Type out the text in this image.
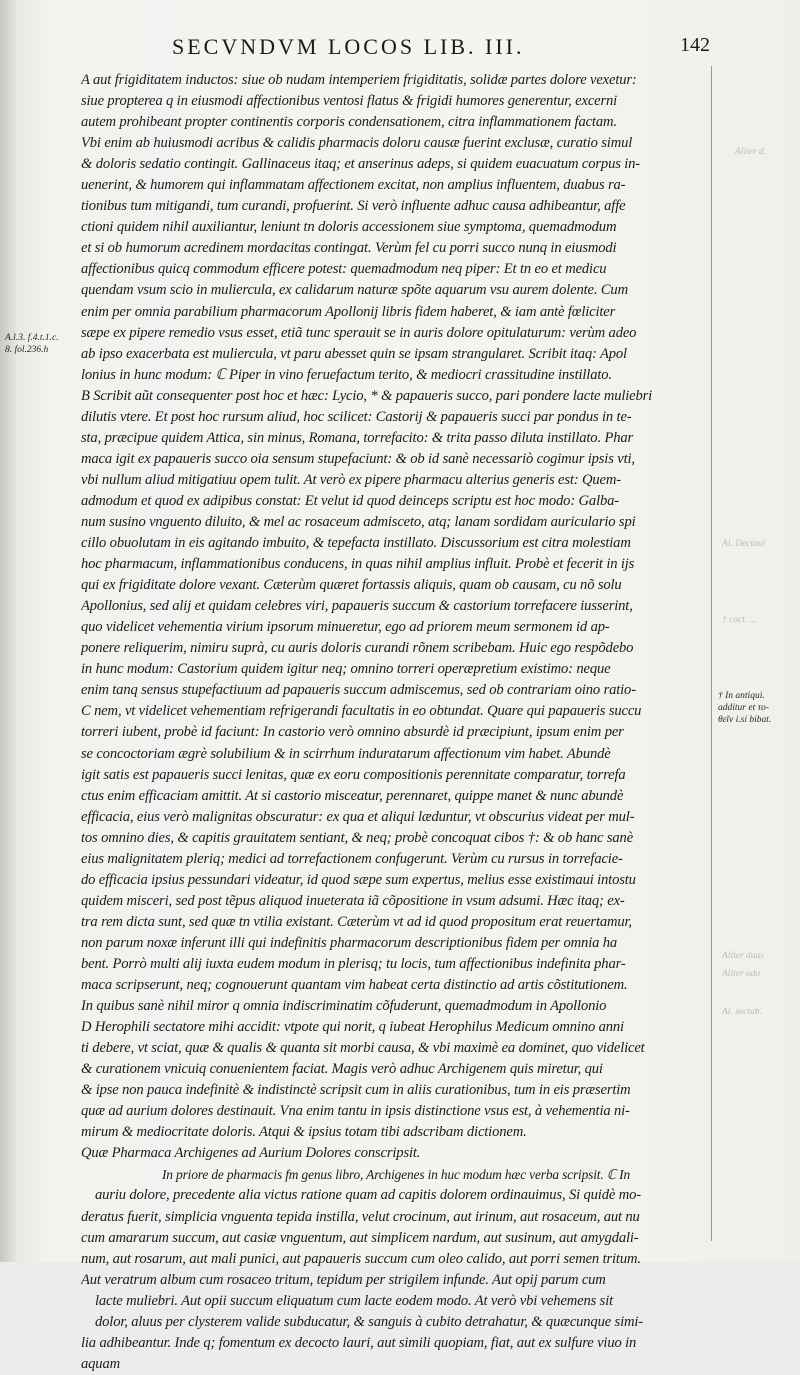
SECVNDVM LOCOS LIB. III.	142
A aut frigiditatem inductos: siue ob nudam intemperiem frigiditatis, solidæ partes dolore vexetur:
siue propterea q in eiusmodi affectionibus ventosi flatus & frigidi humores generentur, excerni
autem prohibeant propter continentis corporis condensationem, citra inflammationem factam.
Vbi enim ab huiusmodi acribus & calidis pharmacis doloru causæ fuerint exclusæ, curatio simul
& doloris sedatio contingit. Gallinaceus itaq; et anserinus adeps, si quidem euacuatum corpus in-
uenerint, & humorem qui inflammatam affectionem excitat, non amplius influentem, duabus ra-
tionibus tum mitigandi, tum curandi, profuerint. Si verò influente adhuc causa adhibeantur, affe
ctioni quidem nihil auxiliantur, leniunt tn doloris accessionem siue symptoma, quemadmodum
et si ob humorum acredinem mordacitas contingat. Verùm fel cu porri succo nunq in eiusmodi
affectionibus quicq commodum efficere potest: quemadmodum neq piper: Et tn eo et medicu
quendam vsum scio in muliercula, ex calidarum naturæ spõte aquarum vsu aurem dolente. Cum
enim per omnia parabilium pharmacorum Apollonij libris fidem haberet, & iam antè fœliciter
sæpe ex pipere remedio vsus esset, etiã tunc sperauit se in auris dolore opitulaturum: verùm adeo
ab ipso exacerbata est muliercula, vt paru abesset quin se ipsam strangularet. Scribit itaq: Apol
lonius in hunc modum: ℂ Piper in vino feruefactum terito, & mediocri crassitudine instillato.
B Scribit aũt consequenter post hoc et hæc: Lycio, * & papaueris succo, pari pondere lacte muliebri
dilutis vtere. Et post hoc rursum aliud, hoc scilicet: Castorij & papaueris succi par pondus in te-
sta, præcipue quidem Attica, sin minus, Romana, torrefacito: & trita passo diluta instillato. Phar
maca igit ex papaueris succo oia sensum stupefaciunt: & ob id sanè necessariò cogimur ipsis vti,
vbi nullum aliud mitigatiuu opem tulit. At verò ex pipere pharmacu alterius generis est: Quem-
admodum et quod ex adipibus constat: Et velut id quod deinceps scriptu est hoc modo: Galba-
num susino vnguento diluito, & mel ac rosaceum admisceto, atq; lanam sordidam auriculario spi
cillo obuolutam in eis agitando imbuito, & tepefacta instillato. Discussorium est citra molestiam
hoc pharmacum, inflammationibus conducens, in quas nihil amplius influit. Probè et fecerit in ijs
qui ex frigiditate dolore vexant. Cæterùm quæret fortassis aliquis, quam ob causam, cu nõ solu
Apollonius, sed alij et quidam celebres viri, papaueris succum & castorium torrefacere iusserint,
quo videlicet vehementia virium ipsorum minueretur, ego ad priorem meum sermonem id ap-
ponere reliquerim, nimiru suprà, cu auris doloris curandi rõnem scribebam. Huic ego respõdebo
in hunc modum: Castorium quidem igitur neq; omnino torreri operæpretium existimo: neque
enim tanq sensus stupefactiuum ad papaueris succum admiscemus, sed ob contrariam oino ratio-
C nem, vt videlicet vehementiam refrigerandi facultatis in eo obtundat. Quare qui papaueris succu
torreri iubent, probè id faciunt: In castorio verò omnino absurdè id præcipiunt, ipsum enim per
se concoctoriam ægrè solubilium & in scirrhum induratarum affectionum vim habet. Abundè
igit satis est papaueris succi lenitas, quæ ex eoru compositionis perennitate comparatur, torrefa
ctus enim efficaciam amittit. At si castorio misceatur, perennaret, quippe manet & nunc abundè
efficacia, eius verò malignitas obscuratur: ex qua et aliqui læduntur, vt obscurius videat per mul-
tos omnino dies, & capitis grauitatem sentiant, & neq; probè concoquat cibos †: & ob hanc sanè
eius malignitatem pleriq; medici ad torrefactionem confugerunt. Verùm cu rursus in torrefacie-
do efficacia ipsius pessundari videatur, id quod sæpe sum expertus, melius esse existimaui intostu
quidem misceri, sed post tẽpus aliquod inueterata iã cõpositione in vsum adsumi. Hæc itaq; ex-
tra rem dicta sunt, sed quæ tn vtilia existant. Cæterùm vt ad id quod propositum erat reuertamur,
non parum noxæ inferunt illi qui indefinitis pharmacorum descriptionibus fidem per omnia ha
bent. Porrò multi alij iuxta eudem modum in plerisq; tu locis, tum affectionibus indefinita phar-
maca scripserunt, neq; cognouerunt quantam vim habeat certa distinctio ad artis cõstitutionem.
In quibus sanè nihil miror q omnia indiscriminatim cõfuderunt, quemadmodum in Apollonio
D Herophili sectatore mihi accidit: vtpote qui norit, q iubeat Herophilus Medicum omnino anni
ti debere, vt sciat, quæ & qualis & quanta sit morbi causa, & vbi maximè ea dominet, quo videlicet
& curationem vnicuiq conuenientem faciat. Magis verò adhuc Archigenem quis miretur, qui
& ipse non pauca indefinitè & indistinctè scripsit cum in aliis curationibus, tum in eis præsertim
quæ ad aurium dolores destinauit. Vna enim tantu in ipsis distinctione vsus est, à vehementia ni-
mirum & mediocritate doloris. Atqui & ipsius totam tibi adscribam dictionem.
Quæ Pharmaca Archigenes ad Aurium Dolores conscripsit.
In priore de pharmacis fm genus libro, Archigenes in huc modum hæc verba scripsit. ℂ In
auriu dolore, precedente alia victus ratione quam ad capitis dolorem ordinauimus, Si quidè mo-
deratus fuerit, simplicia vnguenta tepida instilla, velut crocinum, aut irinum, aut rosaceum, aut nu
cum amararum succum, aut casiæ vnguentum, aut simplicem nardum, aut susinum, aut amygdali-
num, aut rosarum, aut mali punici, aut papaueris succum cum oleo calido, aut porri semen tritum.
Aut veratrum album cum rosaceo tritum, tepidum per strigilem infunde. Aut opij parum cum
lacte muliebri. Aut opii succum eliquatum cum lacte eodem modo. At verò vbi vehemens sit
dolor, aluus per clysterem valide subducatur, & sanguis à cubito detrahatur, & quæcunque simi-
lia adhibeantur. Inde q; fomentum ex decocto lauri, aut simili quopiam, fiat, aut ex sulfure viuo in
aquam
A.l.3. f.4.t.1.c.
8. fol.236.h
† In antiqui.
additur et το-
θεῖν i.si bibat.
Aliter d.
Al. Dectaui
† coct. ...
Aliter duas
Aliter odo
Al. sectab.
